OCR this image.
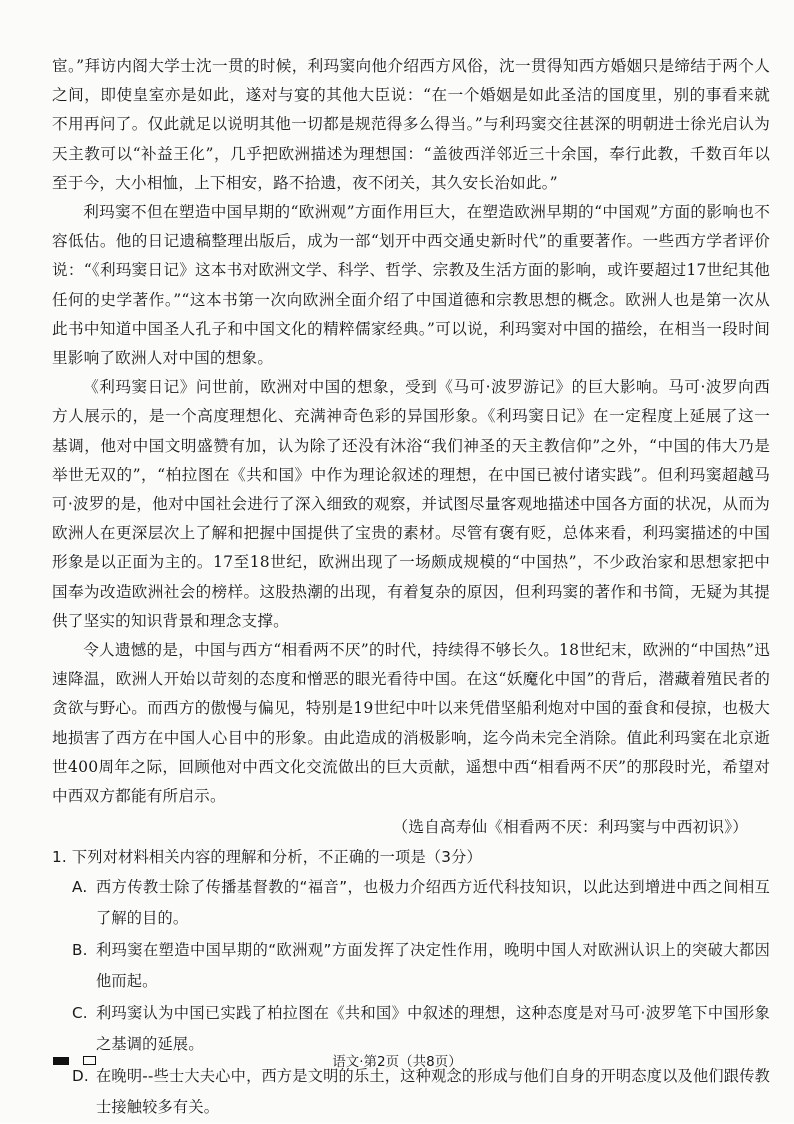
宦。”拜访内阁大学士沈一贯的时候，利玛窦向他介绍西方风俗，沈一贯得知西方婚姻只是缔结于两个人之间，即使皇室亦是如此，遂对与宴的其他大臣说：“在一个婚姻是如此圣洁的国度里，别的事看来就不用再问了。仅此就足以说明其他一切都是规范得多么得当。”与利玛窦交往甚深的明朝进士徐光启认为天主教可以“补益王化”，几乎把欧洲描述为理想国：“盖彼西洋邻近三十余国，奉行此教，千数百年以至于今，大小相恤，上下相安，路不拾遗，夜不闭关，其久安长治如此。”

利玛窦不但在塑造中国早期的“欧洲观”方面作用巨大，在塑造欧洲早期的“中国观”方面的影响也不容低估。他的日记遗稿整理出版后，成为一部“划开中西交通史新时代”的重要著作。一些西方学者评价说：“《利玛窦日记》这本书对欧洲文学、科学、哲学、宗教及生活方面的影响，或许要超过17世纪其他任何的史学著作。”“这本书第一次向欧洲全面介绍了中国道德和宗教思想的概念。欧洲人也是第一次从此书中知道中国圣人孔子和中国文化的精粹儒家经典。”可以说，利玛窦对中国的描绘，在相当一段时间里影响了欧洲人对中国的想象。

《利玛窦日记》问世前，欧洲对中国的想象，受到《马可·波罗游记》的巨大影响。马可·波罗向西方人展示的，是一个高度理想化、充满神奇色彩的异国形象。《利玛窦日记》在一定程度上延展了这一基调，他对中国文明盛赞有加，认为除了还没有沐浴“我们神圣的天主教信仰”之外，“中国的伟大乃是举世无双的”，“柏拉图在《共和国》中作为理论叙述的理想，在中国已被付诸实践”。但利玛窦超越马可·波罗的是，他对中国社会进行了深入细致的观察，并试图尽量客观地描述中国各方面的状况，从而为欧洲人在更深层次上了解和把握中国提供了宝贵的素材。尽管有褒有贬，总体来看，利玛窦描述的中国形象是以正面为主的。17至18世纪，欧洲出现了一场颇成规模的“中国热”，不少政治家和思想家把中国奉为改造欧洲社会的榜样。这股热潮的出现，有着复杂的原因，但利玛窦的著作和书简，无疑为其提供了坚实的知识背景和理念支撑。

令人遗憾的是，中国与西方“相看两不厌”的时代，持续得不够长久。18世纪末，欧洲的“中国热”迅速降温，欧洲人开始以苛刻的态度和憎恶的眼光看待中国。在这“妖魔化中国”的背后，潜藏着殖民者的贪欲与野心。而西方的傲慢与偏见，特别是19世纪中叶以来凭借坚船利炮对中国的蚕食和侵掠，也极大地损害了西方在中国人心目中的形象。由此造成的消极影响，迄今尚未完全消除。值此利玛窦在北京逝世400周年之际，回顾他对中西文化交流做出的巨大贡献，遥想中西“相看两不厌”的那段时光，希望对中西双方都能有所启示。

（选自高寿仙《相看两不厌：利玛窦与中西初识》）

1. 下列对材料相关内容的理解和分析，不正确的一项是（3分）

A. 西方传教士除了传播基督教的“福音”，也极力介绍西方近代科技知识，以此达到增进中西之间相互了解的目的。
B. 利玛窦在塑造中国早期的“欧洲观”方面发挥了决定性作用，晚明中国人对欧洲认识上的突破大都因他而起。
C. 利玛窦认为中国已实践了柏拉图在《共和国》中叙述的理想，这种态度是对马可·波罗笔下中国形象之基调的延展。
D. 在晚明--些士大夫心中，西方是文明的乐土，这种观念的形成与他们自身的开明态度以及他们跟传教士接触较多有关。
语文·第2页（共8页）
